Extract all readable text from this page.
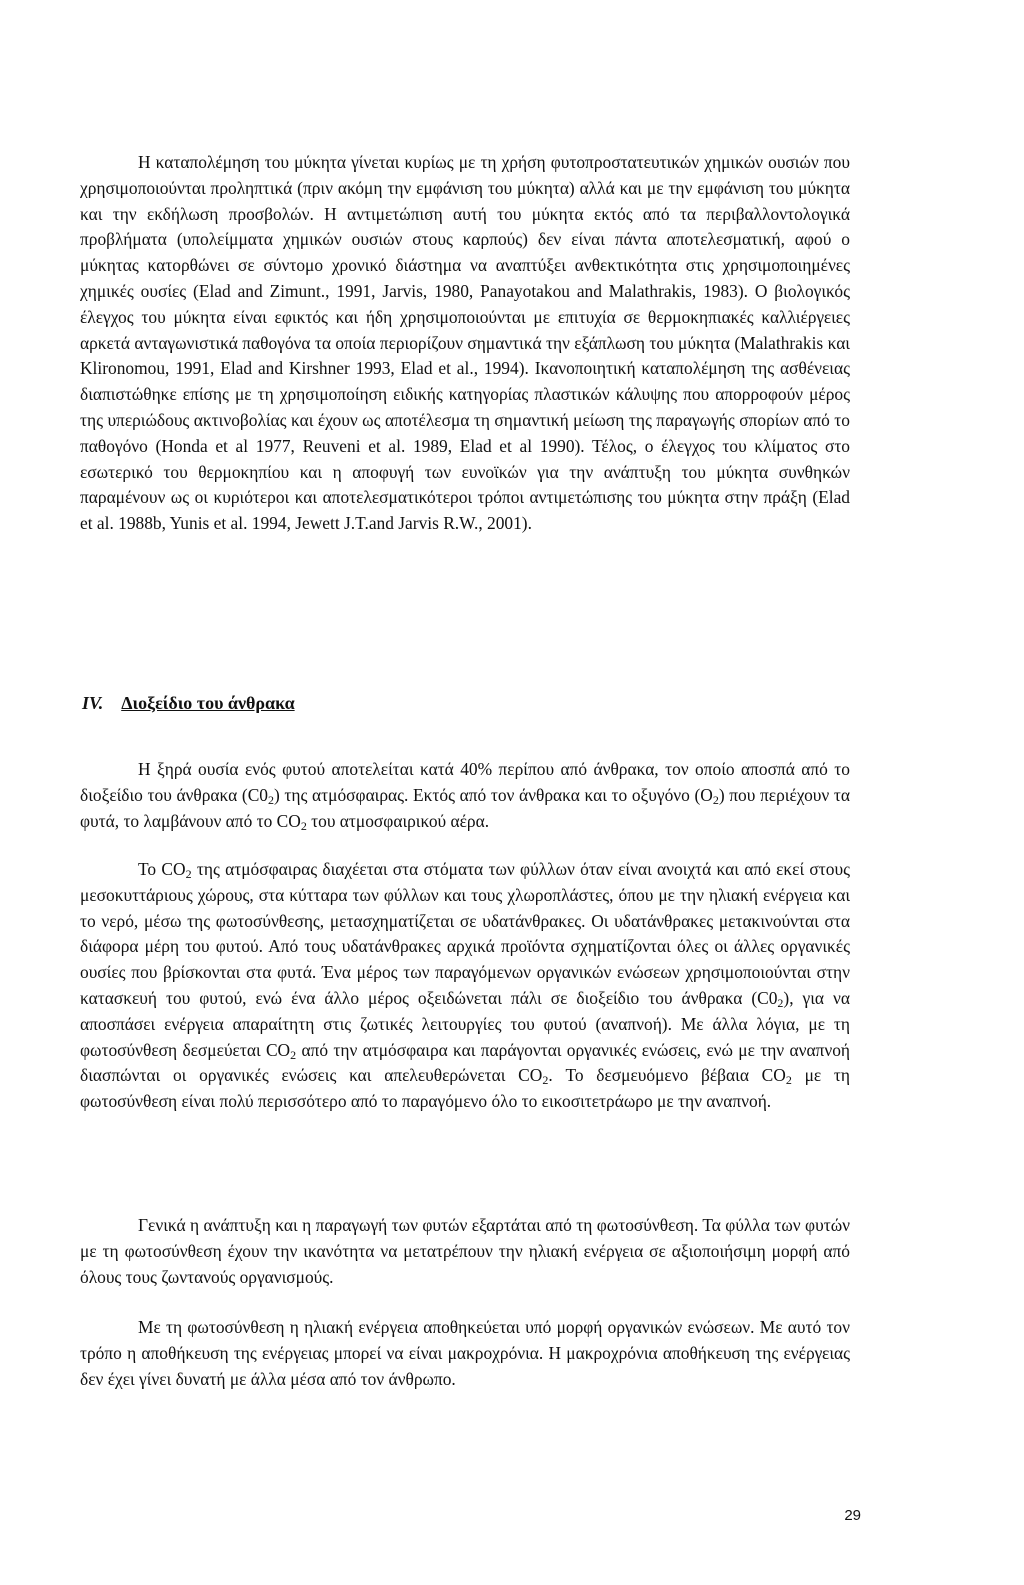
Η καταπολέμηση του μύκητα γίνεται κυρίως με τη χρήση φυτοπροστατευτικών χημικών ουσιών που χρησιμοποιούνται προληπτικά (πριν ακόμη την εμφάνιση του μύκητα) αλλά και με την εμφάνιση του μύκητα και την εκδήλωση προσβολών. Η αντιμετώπιση αυτή του μύκητα εκτός από τα περιβαλλοντολογικά προβλήματα (υπολείμματα χημικών ουσιών στους καρπούς) δεν είναι πάντα αποτελεσματική, αφού ο μύκητας κατορθώνει σε σύντομο χρονικό διάστημα να αναπτύξει ανθεκτικότητα στις χρησιμοποιημένες χημικές ουσίες (Elad and Zimunt., 1991, Jarvis, 1980, Panayotakou and Malathrakis, 1983). Ο βιολογικός έλεγχος του μύκητα είναι εφικτός και ήδη χρησιμοποιούνται με επιτυχία σε θερμοκηπιακές καλλιέργειες αρκετά ανταγωνιστικά παθογόνα τα οποία περιορίζουν σημαντικά την εξάπλωση του μύκητα (Malathrakis και Klironomou, 1991, Elad and Kirshner 1993, Elad et al., 1994). Ικανοποιητική καταπολέμηση της ασθένειας διαπιστώθηκε επίσης με τη χρησιμοποίηση ειδικής κατηγορίας πλαστικών κάλυψης που απορροφούν μέρος της υπεριώδους ακτινοβολίας και έχουν ως αποτέλεσμα τη σημαντική μείωση της παραγωγής σπορίων από το παθογόνο (Honda et al 1977, Reuveni et al. 1989, Elad et al 1990). Τέλος, ο έλεγχος του κλίματος στο εσωτερικό του θερμοκηπίου και η αποφυγή των ευνοϊκών για την ανάπτυξη του μύκητα συνθηκών παραμένουν ως οι κυριότεροι και αποτελεσματικότεροι τρόποι αντιμετώπισης του μύκητα στην πράξη (Elad et al. 1988b, Yunis et al. 1994, Jewett J.T.and Jarvis R.W., 2001).

IV. Διοξείδιο του άνθρακα

Η ξηρά ουσία ενός φυτού αποτελείται κατά 40% περίπου από άνθρακα, τον οποίο αποσπά από το διοξείδιο του άνθρακα $(C0_2)$ της ατμόσφαιρας. Εκτός από τον άνθρακα και το οξυγόνο $(O_2)$ που περιέχουν τα φυτά, το λαμβάνουν από το $CO_2$ του ατμοσφαιρικού αέρα.

Το $CO_2$ της ατμόσφαιρας διαχέεται στα στόματα των φύλλων όταν είναι ανοιχτά και από εκεί στους μεσοκυττάριους χώρους, στα κύτταρα των φύλλων και τους χλωροπλάστες, όπου με την ηλιακή ενέργεια και το νερό, μέσω της φωτοσύνθεσης, μετασχηματίζεται σε υδατάνθρακες. Οι υδατάνθρακες μετακινούνται στα διάφορα μέρη του φυτού. Από τους υδατάνθρακες αρχικά προϊόντα σχηματίζονται όλες οι άλλες οργανικές ουσίες που βρίσκονται στα φυτά. Ένα μέρος των παραγόμενων οργανικών ενώσεων χρησιμοποιούνται στην κατασκευή του φυτού, ενώ ένα άλλο μέρος οξειδώνεται πάλι σε διοξείδιο του άνθρακα $(C0_2)$, για να αποσπάσει ενέργεια απαραίτητη στις ζωτικές λειτουργίες του φυτού (αναπνοή). Με άλλα λόγια, με τη φωτοσύνθεση δεσμεύεται $CO_2$ από την ατμόσφαιρα και παράγονται οργανικές ενώσεις, ενώ με την αναπνοή διασπώνται οι οργανικές ενώσεις και απελευθερώνεται $CO_2$. Το δεσμευόμενο βέβαια $CO_2$ με τη φωτοσύνθεση είναι πολύ περισσότερο από το παραγόμενο όλο το εικοσιτετράωρο με την αναπνοή.

Γενικά η ανάπτυξη και η παραγωγή των φυτών εξαρτάται από τη φωτοσύνθεση. Τα φύλλα των φυτών με τη φωτοσύνθεση έχουν την ικανότητα να μετατρέπουν την ηλιακή ενέργεια σε αξιοποιήσιμη μορφή από όλους τους ζωντανούς οργανισμούς.

Με τη φωτοσύνθεση η ηλιακή ενέργεια αποθηκεύεται υπό μορφή οργανικών ενώσεων. Με αυτό τον τρόπο η αποθήκευση της ενέργειας μπορεί να είναι μακροχρόνια. Η μακροχρόνια αποθήκευση της ενέργειας δεν έχει γίνει δυνατή με άλλα μέσα από τον άνθρωπο.

29
